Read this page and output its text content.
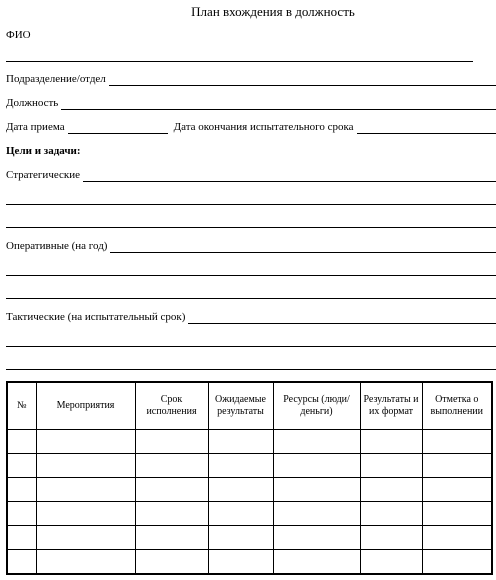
План вхождения в должность
ФИО
Подразделение/отдел
Должность
Дата приема	Дата окончания испытательного срока
Цели и задачи:
Стратегические
Оперативные (на год)
Тактические (на испытательный срок)
№	Мероприятия	Срок исполнения	Ожидаемые результаты	Ресурсы (люди/деньги)	Результаты и их формат	Отметка о выполнении
